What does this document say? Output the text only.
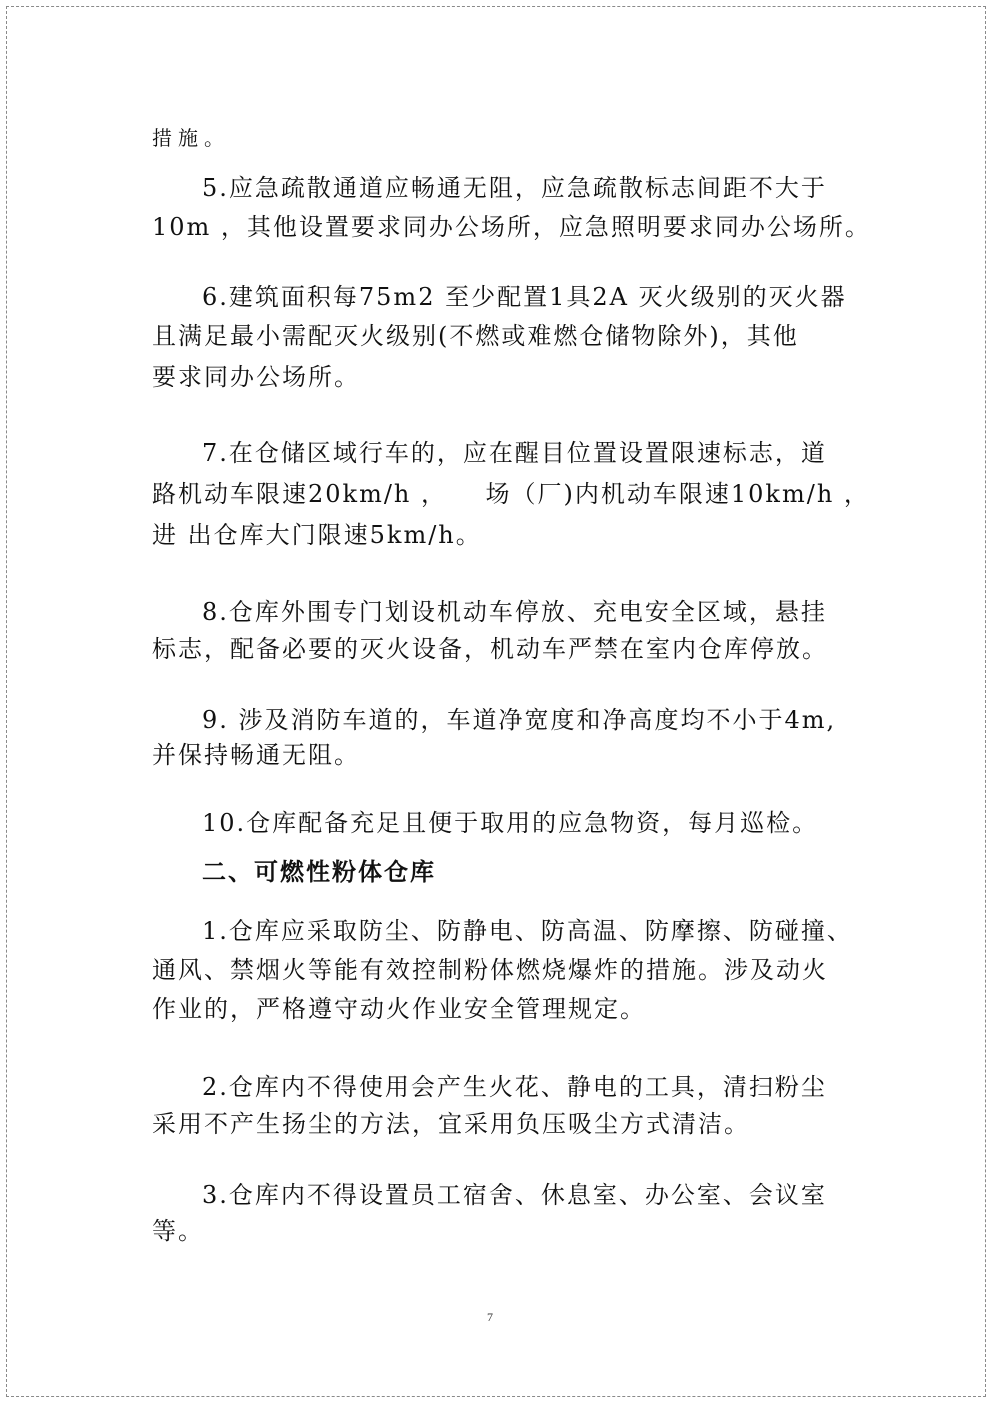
措施。
5.应急疏散通道应畅通无阻，应急疏散标志间距不大于
10m ，其他设置要求同办公场所，应急照明要求同办公场所。
6.建筑面积每75m2 至少配置1具2A 灭火级别的灭火器
且满足最小需配灭火级别(不燃或难燃仓储物除外)，其他
要求同办公场所。
7.在仓储区域行车的，应在醒目位置设置限速标志，道
路机动车限速20km/h ，    场（厂)内机动车限速10km/h ，
进 出仓库大门限速5km/h。
8.仓库外围专门划设机动车停放、充电安全区域，悬挂
标志，配备必要的灭火设备，机动车严禁在室内仓库停放。
9. 涉及消防车道的，车道净宽度和净高度均不小于4m,
并保持畅通无阻。
10.仓库配备充足且便于取用的应急物资，每月巡检。
二、可燃性粉体仓库
1.仓库应采取防尘、防静电、防高温、防摩擦、防碰撞、
通风、禁烟火等能有效控制粉体燃烧爆炸的措施。涉及动火
作业的，严格遵守动火作业安全管理规定。
2.仓库内不得使用会产生火花、静电的工具，清扫粉尘
采用不产生扬尘的方法，宜采用负压吸尘方式清洁。
3.仓库内不得设置员工宿舍、休息室、办公室、会议室
等。
7
